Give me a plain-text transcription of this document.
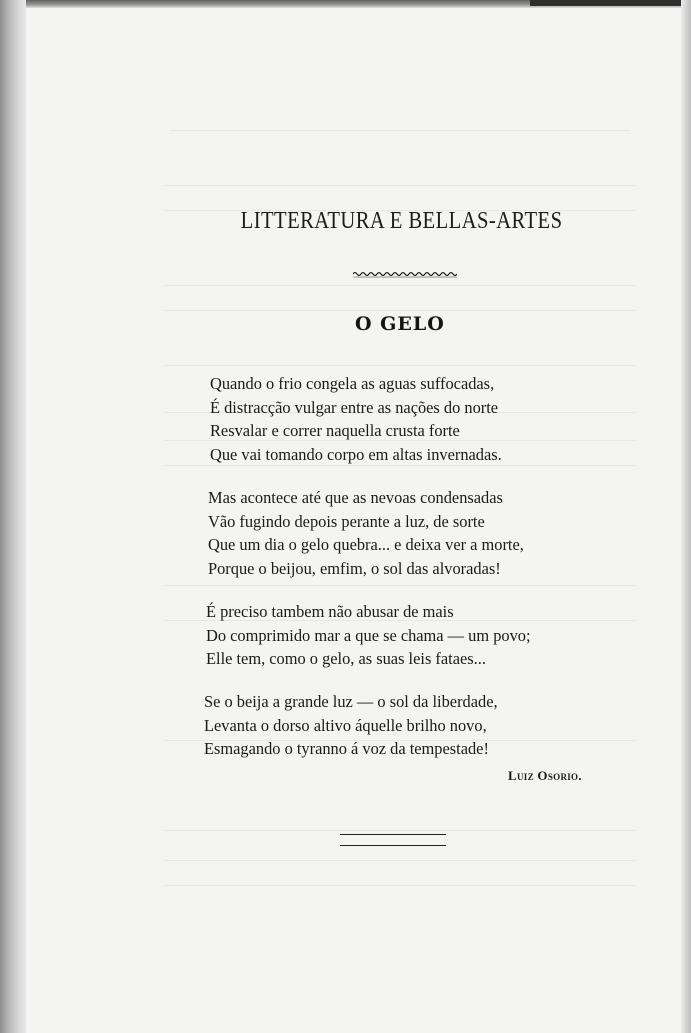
LITTERATURA E BELLAS-ARTES
O GELO
Quando o frio congela as aguas suffocadas,
É distracção vulgar entre as nações do norte
Resvalar e correr naquella crusta forte
Que vai tomando corpo em altas invernadas.
Mas acontece até que as nevoas condensadas
Vão fugindo depois perante a luz, de sorte
Que um dia o gelo quebra... e deixa ver a morte,
Porque o beijou, emfim, o sol das alvoradas!
É preciso tambem não abusar de mais
Do comprimido mar a que se chama — um povo;
Elle tem, como o gelo, as suas leis fataes...
Se o beija a grande luz — o sol da liberdade,
Levanta o dorso altivo áquelle brilho novo,
Esmagando o tyranno á voz da tempestade!
Luiz Osorio.
